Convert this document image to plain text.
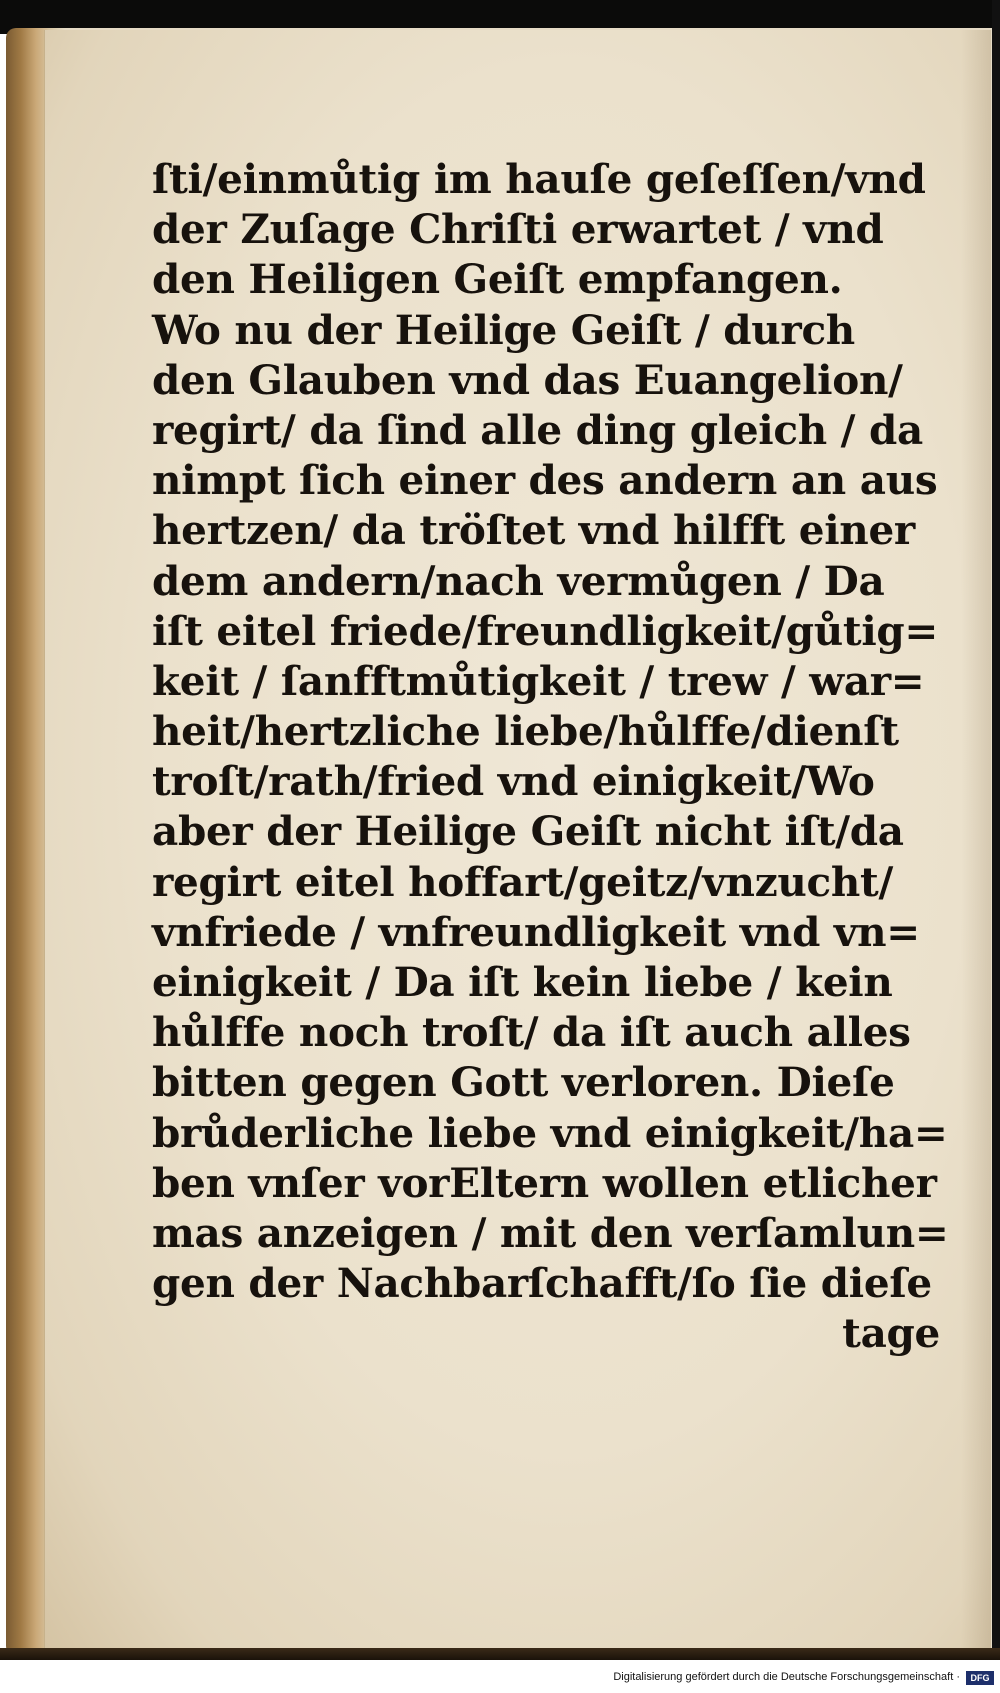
ſti/einmůtig im hauſe geſeſſen/vnd
der Zuſage Chriſti erwartet / vnd
den Heiligen Geiſt empfangen.
Wo nu der Heilige Geiſt / durch
den Glauben vnd das Euangelion/
regirt/ da ſind alle ding gleich / da
nimpt ſich einer des andern an aus
hertzen/ da tröſtet vnd hilfft einer
dem andern/nach vermůgen / Da
iſt eitel friede/freundligkeit/gůtig=
keit / ſanfftmůtigkeit / trew / war=
heit/hertzliche liebe/hůlffe/dienſt
troſt/rath/fried vnd einigkeit/Wo
aber der Heilige Geiſt nicht iſt/da
regirt eitel hoffart/geitz/vnzucht/
vnfriede / vnfreundligkeit vnd vn=
einigkeit / Da iſt kein liebe / kein
hůlffe noch troſt/ da iſt auch alles
bitten gegen Gott verloren. Dieſe
brůderliche liebe vnd einigkeit/ha=
ben vnſer vorEltern wollen etlicher
mas anzeigen / mit den verſamlun=
gen der Nachbarſchafft/ſo ſie dieſe
tage
Digitalisierung gefördert durch die Deutsche Forschungsgemeinschaft ·	DFG
